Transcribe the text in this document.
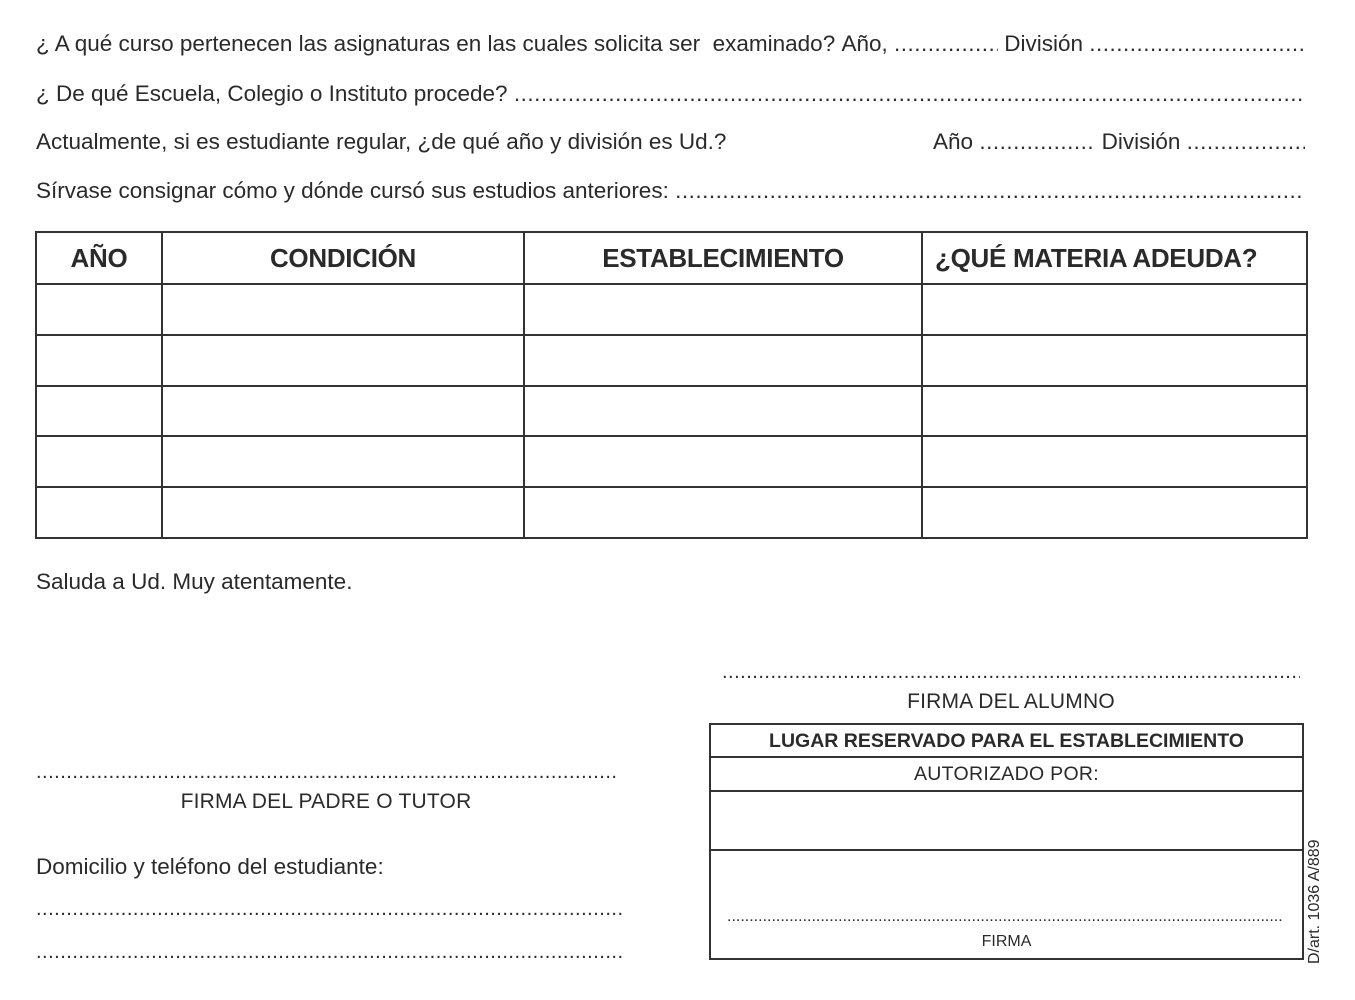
¿ A qué curso pertenecen las asignaturas en las cuales solicita ser  examinado? Año, .....	División
.....
¿ De qué Escuela, Colegio o Instituto procede?

.....
Actualmente, si es estudiante regular, ¿de qué año y división es Ud.?	Año
.....
	División

.....
Sírvase consignar cómo y dónde cursó sus estudios anteriores:

.....
AÑO	CONDICIÓN	ESTABLECIMIENTO	¿QUÉ MATERIA ADEUDA?

Saluda a Ud. Muy atentamente.
.....
FIRMA DEL ALUMNO
.....
FIRMA DEL PADRE O TUTOR
Domicilio y teléfono del estudiante:
.....
.....
LUGAR RESERVADO PARA EL ESTABLECIMIENTO
AUTORIZADO POR:
.....
FIRMA	D/art. 1036 A/889
